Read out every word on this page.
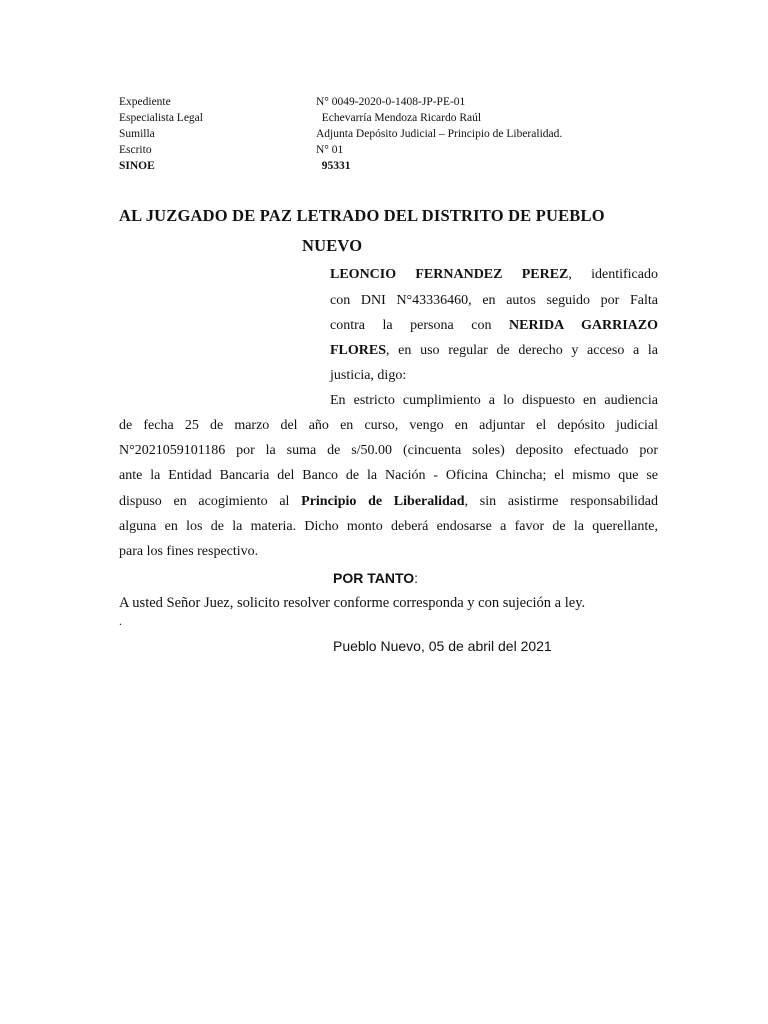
Expediente	N° 0049-2020-0-1408-JP-PE-01
Especialista Legal	Echevarría Mendoza Ricardo Raúl
Sumilla	Adjunta Depósito Judicial – Principio de Liberalidad.
Escrito	N° 01
SINOE	95331
AL JUZGADO DE PAZ LETRADO DEL DISTRITO DE PUEBLO
NUEVO
LEONCIO FERNANDEZ PEREZ, identificado
con DNI N°43336460, en autos seguido por Falta
contra la persona con NERIDA GARRIAZO
FLORES, en uso regular de derecho y acceso a la
justicia, digo:
En estricto cumplimiento a lo dispuesto en audiencia
de fecha 25 de marzo del año en curso, vengo en adjuntar el depósito judicial
N°2021059101186 por la suma de s/50.00 (cincuenta soles) deposito efectuado por
ante la Entidad Bancaria del Banco de la Nación - Oficina Chincha; el mismo que se
dispuso en acogimiento al Principio de Liberalidad, sin asistirme responsabilidad
alguna en los de la materia. Dicho monto deberá endosarse a favor de la querellante,
para los fines respectivo.
POR TANTO:
A usted Señor Juez, solicito resolver conforme corresponda y con sujeción a ley.
.
Pueblo Nuevo, 05 de abril del 2021
